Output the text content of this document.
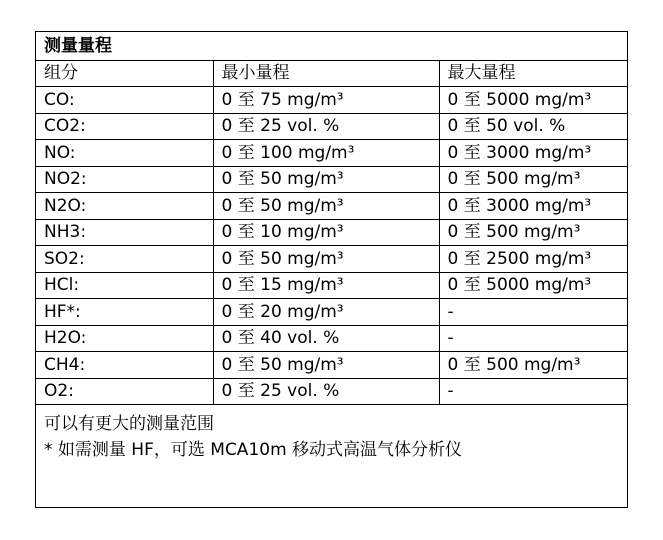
测量量程		
组分	最小量程	最大量程
CO:	0 至 75 mg/m³	0 至 5000 mg/m³
CO2:	0 至 25 vol. %	0 至 50 vol. %
NO:	0 至 100 mg/m³	0 至 3000 mg/m³
NO2:	0 至 50 mg/m³	0 至 500 mg/m³
N2O:	0 至 50 mg/m³	0 至 3000 mg/m³
NH3:	0 至 10 mg/m³	0 至 500 mg/m³
SO2:	0 至 50 mg/m³	0 至 2500 mg/m³
HCl:	0 至 15 mg/m³	0 至 5000 mg/m³
HF*:	0 至 20 mg/m³	-
H2O:	0 至 40 vol. %	-
CH4:	0 至 50 mg/m³	0 至 500 mg/m³
O2:	0 至 25 vol. %	-

可以有更大的测量范围
* 如需测量 HF，可选 MCA10m 移动式高温气体分析仪		
